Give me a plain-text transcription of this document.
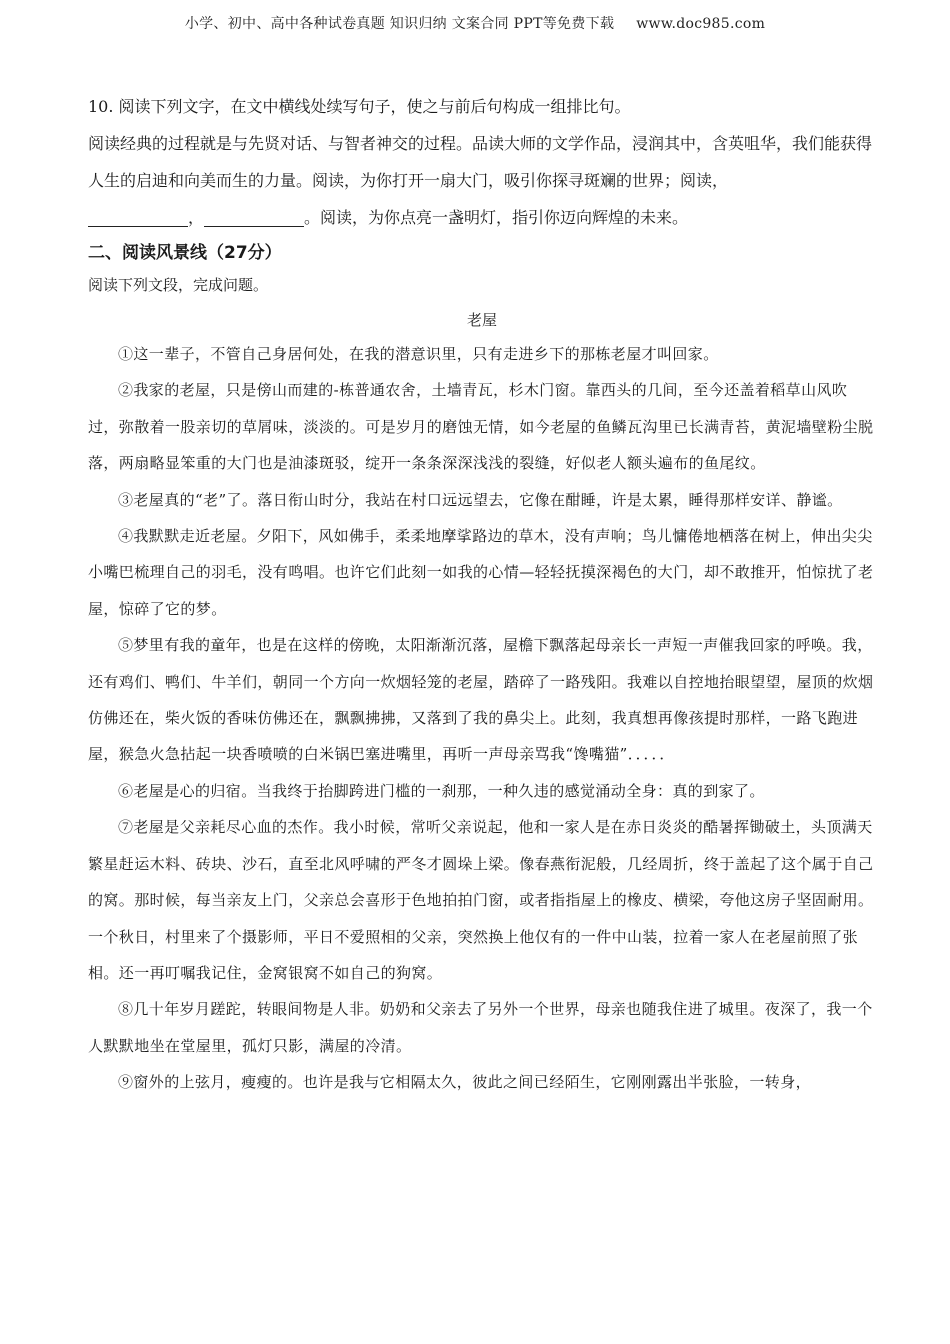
小学、初中、高中各种试卷真题 知识归纳 文案合同 PPT等免费下载 www.doc985.com
10. 阅读下列文字，在文中横线处续写句子，使之与前后句构成一组排比句。
阅读经典的过程就是与先贤对话、与智者神交的过程。品读大师的文学作品，浸润其中，含英咀华，我们能获得人生的启迪和向美而生的力量。阅读，为你打开一扇大门，吸引你探寻斑斓的世界；阅读，
，	。阅读，为你点亮一盏明灯，指引你迈向辉煌的未来。
二、阅读风景线（27分）
阅读下列文段，完成问题。
老屋

①这一辈子，不管自己身居何处，在我的潜意识里，只有走进乡下的那栋老屋才叫回家。

②我家的老屋，只是傍山而建的-栋普通农舍，土墙青瓦，杉木门窗。靠西头的几间，至今还盖着稻草山风吹过，弥散着一股亲切的草屑味，淡淡的。可是岁月的磨蚀无情，如今老屋的鱼鳞瓦沟里已长满青苔，黄泥墙壁粉尘脱落，两扇略显笨重的大门也是油漆斑驳，绽开一条条深深浅浅的裂缝，好似老人额头遍布的鱼尾纹。

③老屋真的“老”了。落日衔山时分，我站在村口远远望去，它像在酣睡，许是太累，睡得那样安详、静谧。

④我默默走近老屋。夕阳下，风如佛手，柔柔地摩挲路边的草木，没有声响；鸟儿慵倦地栖落在树上，伸出尖尖小嘴巴梳理自己的羽毛，没有鸣唱。也许它们此刻一如我的心情—轻轻抚摸深褐色的大门，却不敢推开，怕惊扰了老屋，惊碎了它的梦。

⑤梦里有我的童年，也是在这样的傍晚，太阳渐渐沉落，屋檐下飘落起母亲长一声短一声催我回家的呼唤。我，还有鸡们、鸭们、牛羊们，朝同一个方向一炊烟轻笼的老屋，踏碎了一路残阳。我难以自控地抬眼望望，屋顶的炊烟仿佛还在，柴火饭的香味仿佛还在，飘飘拂拂，又落到了我的鼻尖上。此刻，我真想再像孩提时那样，一路飞跑进屋，猴急火急拈起一块香喷喷的白米锅巴塞进嘴里，再听一声母亲骂我“馋嘴猫”．．．．．

⑥老屋是心的归宿。当我终于抬脚跨进门槛的一刹那，一种久违的感觉涌动全身：真的到家了。

⑦老屋是父亲耗尽心血的杰作。我小时候，常听父亲说起，他和一家人是在赤日炎炎的酷暑挥锄破土，头顶满天繁星赶运木料、砖块、沙石，直至北风呼啸的严冬才圆垛上梁。像春燕衔泥般，几经周折，终于盖起了这个属于自己的窝。那时候，每当亲友上门，父亲总会喜形于色地拍拍门窗，或者指指屋上的橡皮、横梁，夸他这房子坚固耐用。一个秋日，村里来了个摄影师，平日不爱照相的父亲，突然换上他仅有的一件中山装，拉着一家人在老屋前照了张相。还一再叮嘱我记住，金窝银窝不如自己的狗窝。

⑧几十年岁月蹉跎，转眼间物是人非。奶奶和父亲去了另外一个世界，母亲也随我住进了城里。夜深了，我一个人默默地坐在堂屋里，孤灯只影，满屋的冷清。

⑨窗外的上弦月，瘦瘦的。也许是我与它相隔太久，彼此之间已经陌生，它刚刚露出半张脸，一转身，
